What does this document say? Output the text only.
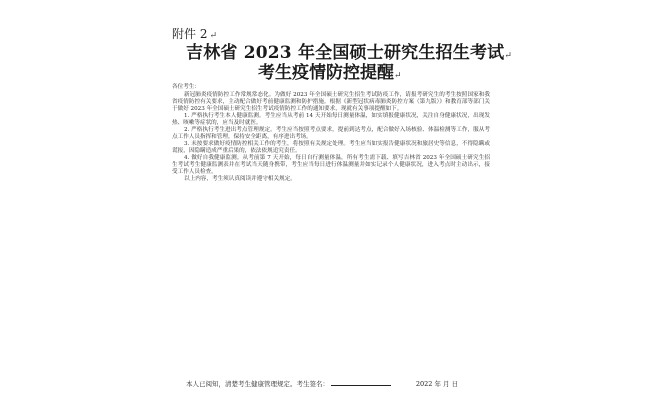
附件 2 ↵
吉林省 2023 年全国硕士研究生招生考试↵
考生疫情防控提醒↵

各位考生：

新冠肺炎疫情防控工作常规常态化。为做好 2023 年全国硕士研究生招生考试防疫工作，请报考研究生的考生按照国家和我省疫情防控有关要求，主动配合做好考前健康监测和防护措施。根据《新型冠状病毒肺炎防控方案（第九版）》和教育部等部门关于做好 2023 年全国硕士研究生招生考试疫情防控工作的通知要求，现就有关事项提醒如下。

1. 严格执行考生本人健康监测。考生应当从考前 14 天开始每日测量体温，如实填报健康状况，关注自身健康状况，出现发热、咳嗽等症状的，应当及时就医。

2. 严格执行考生进出考点管理规定。考生应当按照考点要求，提前到达考点，配合做好入场核验、体温检测等工作，服从考点工作人员指挥和管理，保持安全距离，有序进出考场。

3. 未按要求做好疫情防控相关工作的考生，将按照有关规定处理。考生应当如实报告健康状况和旅居史等信息，不得隐瞒或谎报，因隐瞒造成严重后果的，依法依规追究责任。

4. 做好自我健康监测。从考前第 7 天开始，每日自行测量体温，所有考生需下载、填写吉林省 2023 年全国硕士研究生招生考试考生健康监测表并在考试当天随身携带，考生应当每日进行体温测量并如实记录个人健康状况，进入考点时主动出示，接受工作人员检查。

以上内容，考生须认真阅读并遵守相关规定。

本人已阅知，清楚考生健康管理规定。考生签名：	2022 年 月 日
